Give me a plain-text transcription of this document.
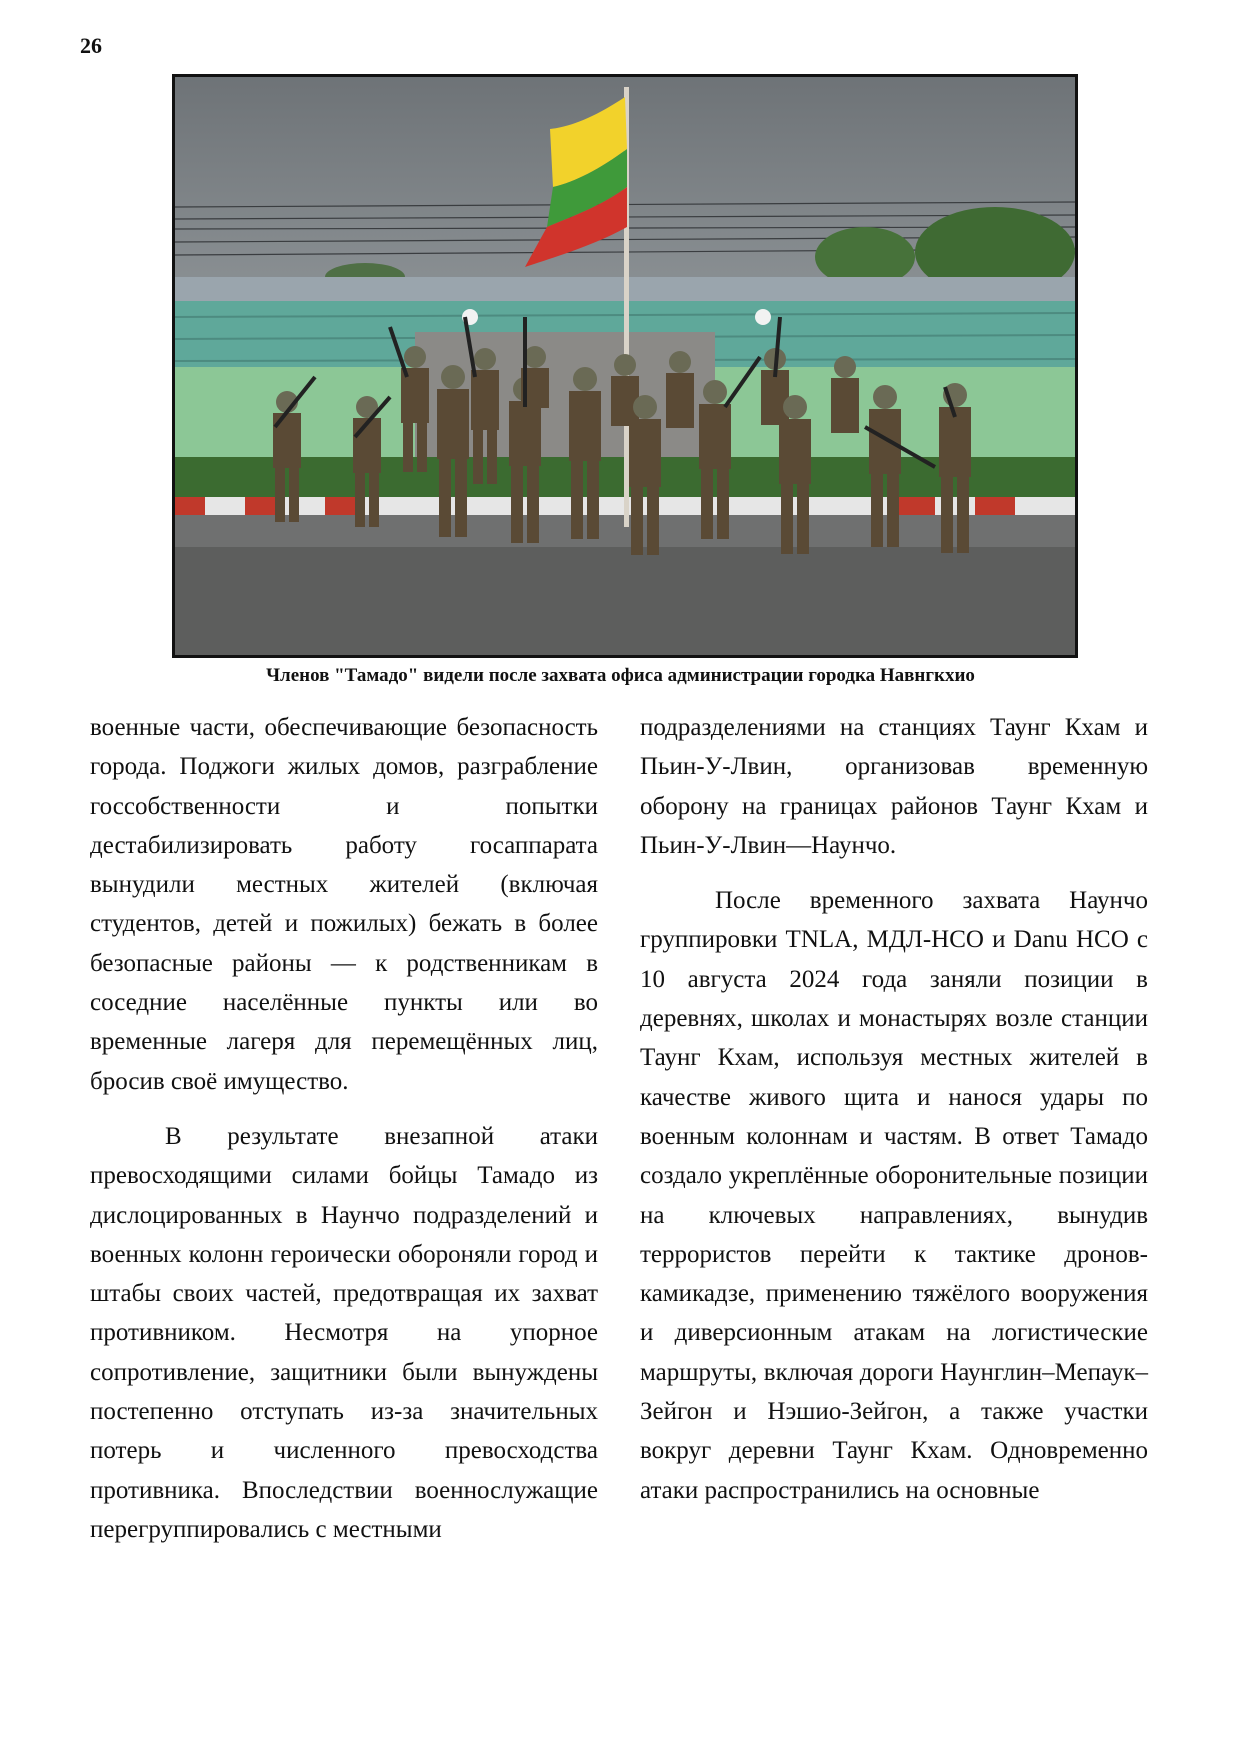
26
Членов "Тамадо" видели после захвата офиса администрации городка Навнгкхио

военные части, обеспечивающие безопасность города. Поджоги жилых домов, разграбление госсобственности и попытки дестабилизировать работу госаппарата вынудили местных жителей (включая студентов, детей и пожилых) бежать в более безопасные районы — к родственникам в соседние населённые пункты или во временные лагеря для перемещённых лиц, бросив своё имущество.

В результате внезапной атаки превосходящими силами бойцы Тамадо из дислоцированных в Наунчо подразделений и военных колонн героически обороняли город и штабы своих частей, предотвращая их захват противником. Несмотря на упорное сопротивление, защитники были вынуждены постепенно отступать из-за значительных потерь и численного превосходства противника. Впоследствии военнослужащие перегруппировались с местными

подразделениями на станциях Таунг Кхам и Пьин-У-Лвин, организовав временную оборону на границах районов Таунг Кхам и Пьин-У-Лвин—Наунчо.

После временного захвата Наунчо группировки TNLA, МДЛ-НСО и Danu НСО с 10 августа 2024 года заняли позиции в деревнях, школах и монастырях возле станции Таунг Кхам, используя местных жителей в качестве живого щита и нанося удары по военным колоннам и частям. В ответ Тамадо создало укреплённые оборонительные позиции на ключевых направлениях, вынудив террористов перейти к тактике дронов-камикадзе, применению тяжёлого вооружения и диверсионным атакам на логистические маршруты, включая дороги Наунглин–Мепаук–Зейгон и Нэшио-Зейгон, а также участки вокруг деревни Таунг Кхам. Одновременно атаки распространились на основные
